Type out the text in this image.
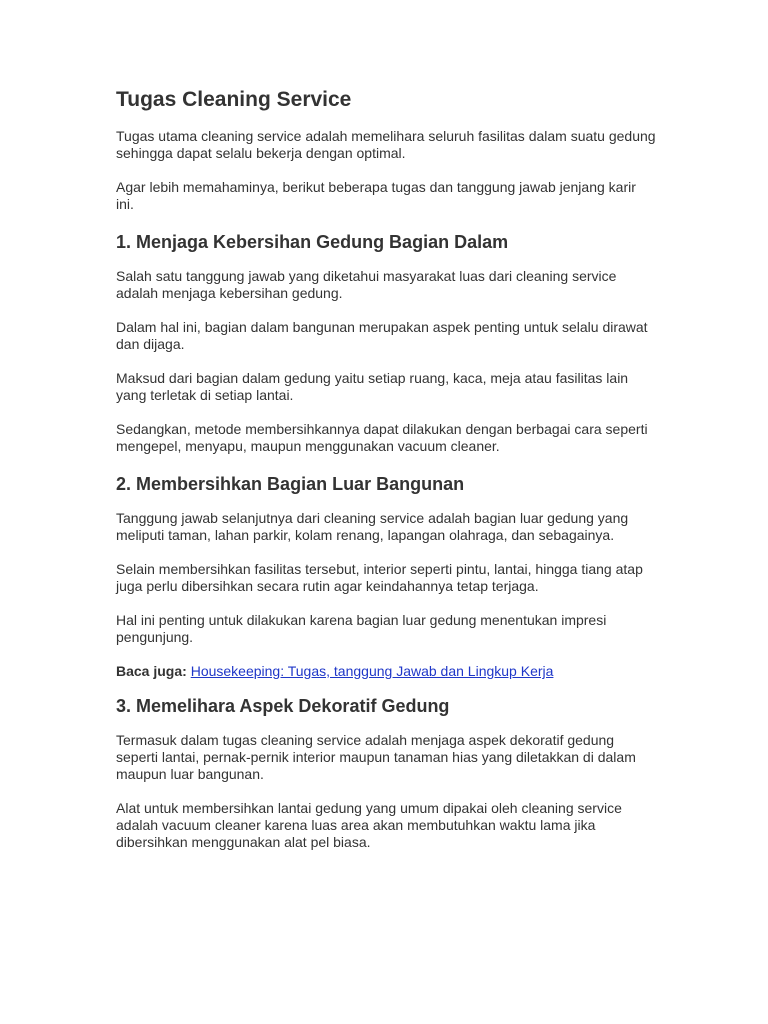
Tugas Cleaning Service

Tugas utama cleaning service adalah memelihara seluruh fasilitas dalam suatu gedung sehingga dapat selalu bekerja dengan optimal.

Agar lebih memahaminya, berikut beberapa tugas dan tanggung jawab jenjang karir ini.

1. Menjaga Kebersihan Gedung Bagian Dalam

Salah satu tanggung jawab yang diketahui masyarakat luas dari cleaning service adalah menjaga kebersihan gedung.

Dalam hal ini, bagian dalam bangunan merupakan aspek penting untuk selalu dirawat dan dijaga.

Maksud dari bagian dalam gedung yaitu setiap ruang, kaca, meja atau fasilitas lain yang terletak di setiap lantai.

Sedangkan, metode membersihkannya dapat dilakukan dengan berbagai cara seperti mengepel, menyapu, maupun menggunakan vacuum cleaner.

2. Membersihkan Bagian Luar Bangunan

Tanggung jawab selanjutnya dari cleaning service adalah bagian luar gedung yang meliputi taman, lahan parkir, kolam renang, lapangan olahraga, dan sebagainya.

Selain membersihkan fasilitas tersebut, interior seperti pintu, lantai, hingga tiang atap juga perlu dibersihkan secara rutin agar keindahannya tetap terjaga.

Hal ini penting untuk dilakukan karena bagian luar gedung menentukan impresi pengunjung.

Baca juga: Housekeeping: Tugas, tanggung Jawab dan Lingkup Kerja
3. Memelihara Aspek Dekoratif Gedung

Termasuk dalam tugas cleaning service adalah menjaga aspek dekoratif gedung seperti lantai, pernak-pernik interior maupun tanaman hias yang diletakkan di dalam maupun luar bangunan.

Alat untuk membersihkan lantai gedung yang umum dipakai oleh cleaning service adalah vacuum cleaner karena luas area akan membutuhkan waktu lama jika dibersihkan menggunakan alat pel biasa.
